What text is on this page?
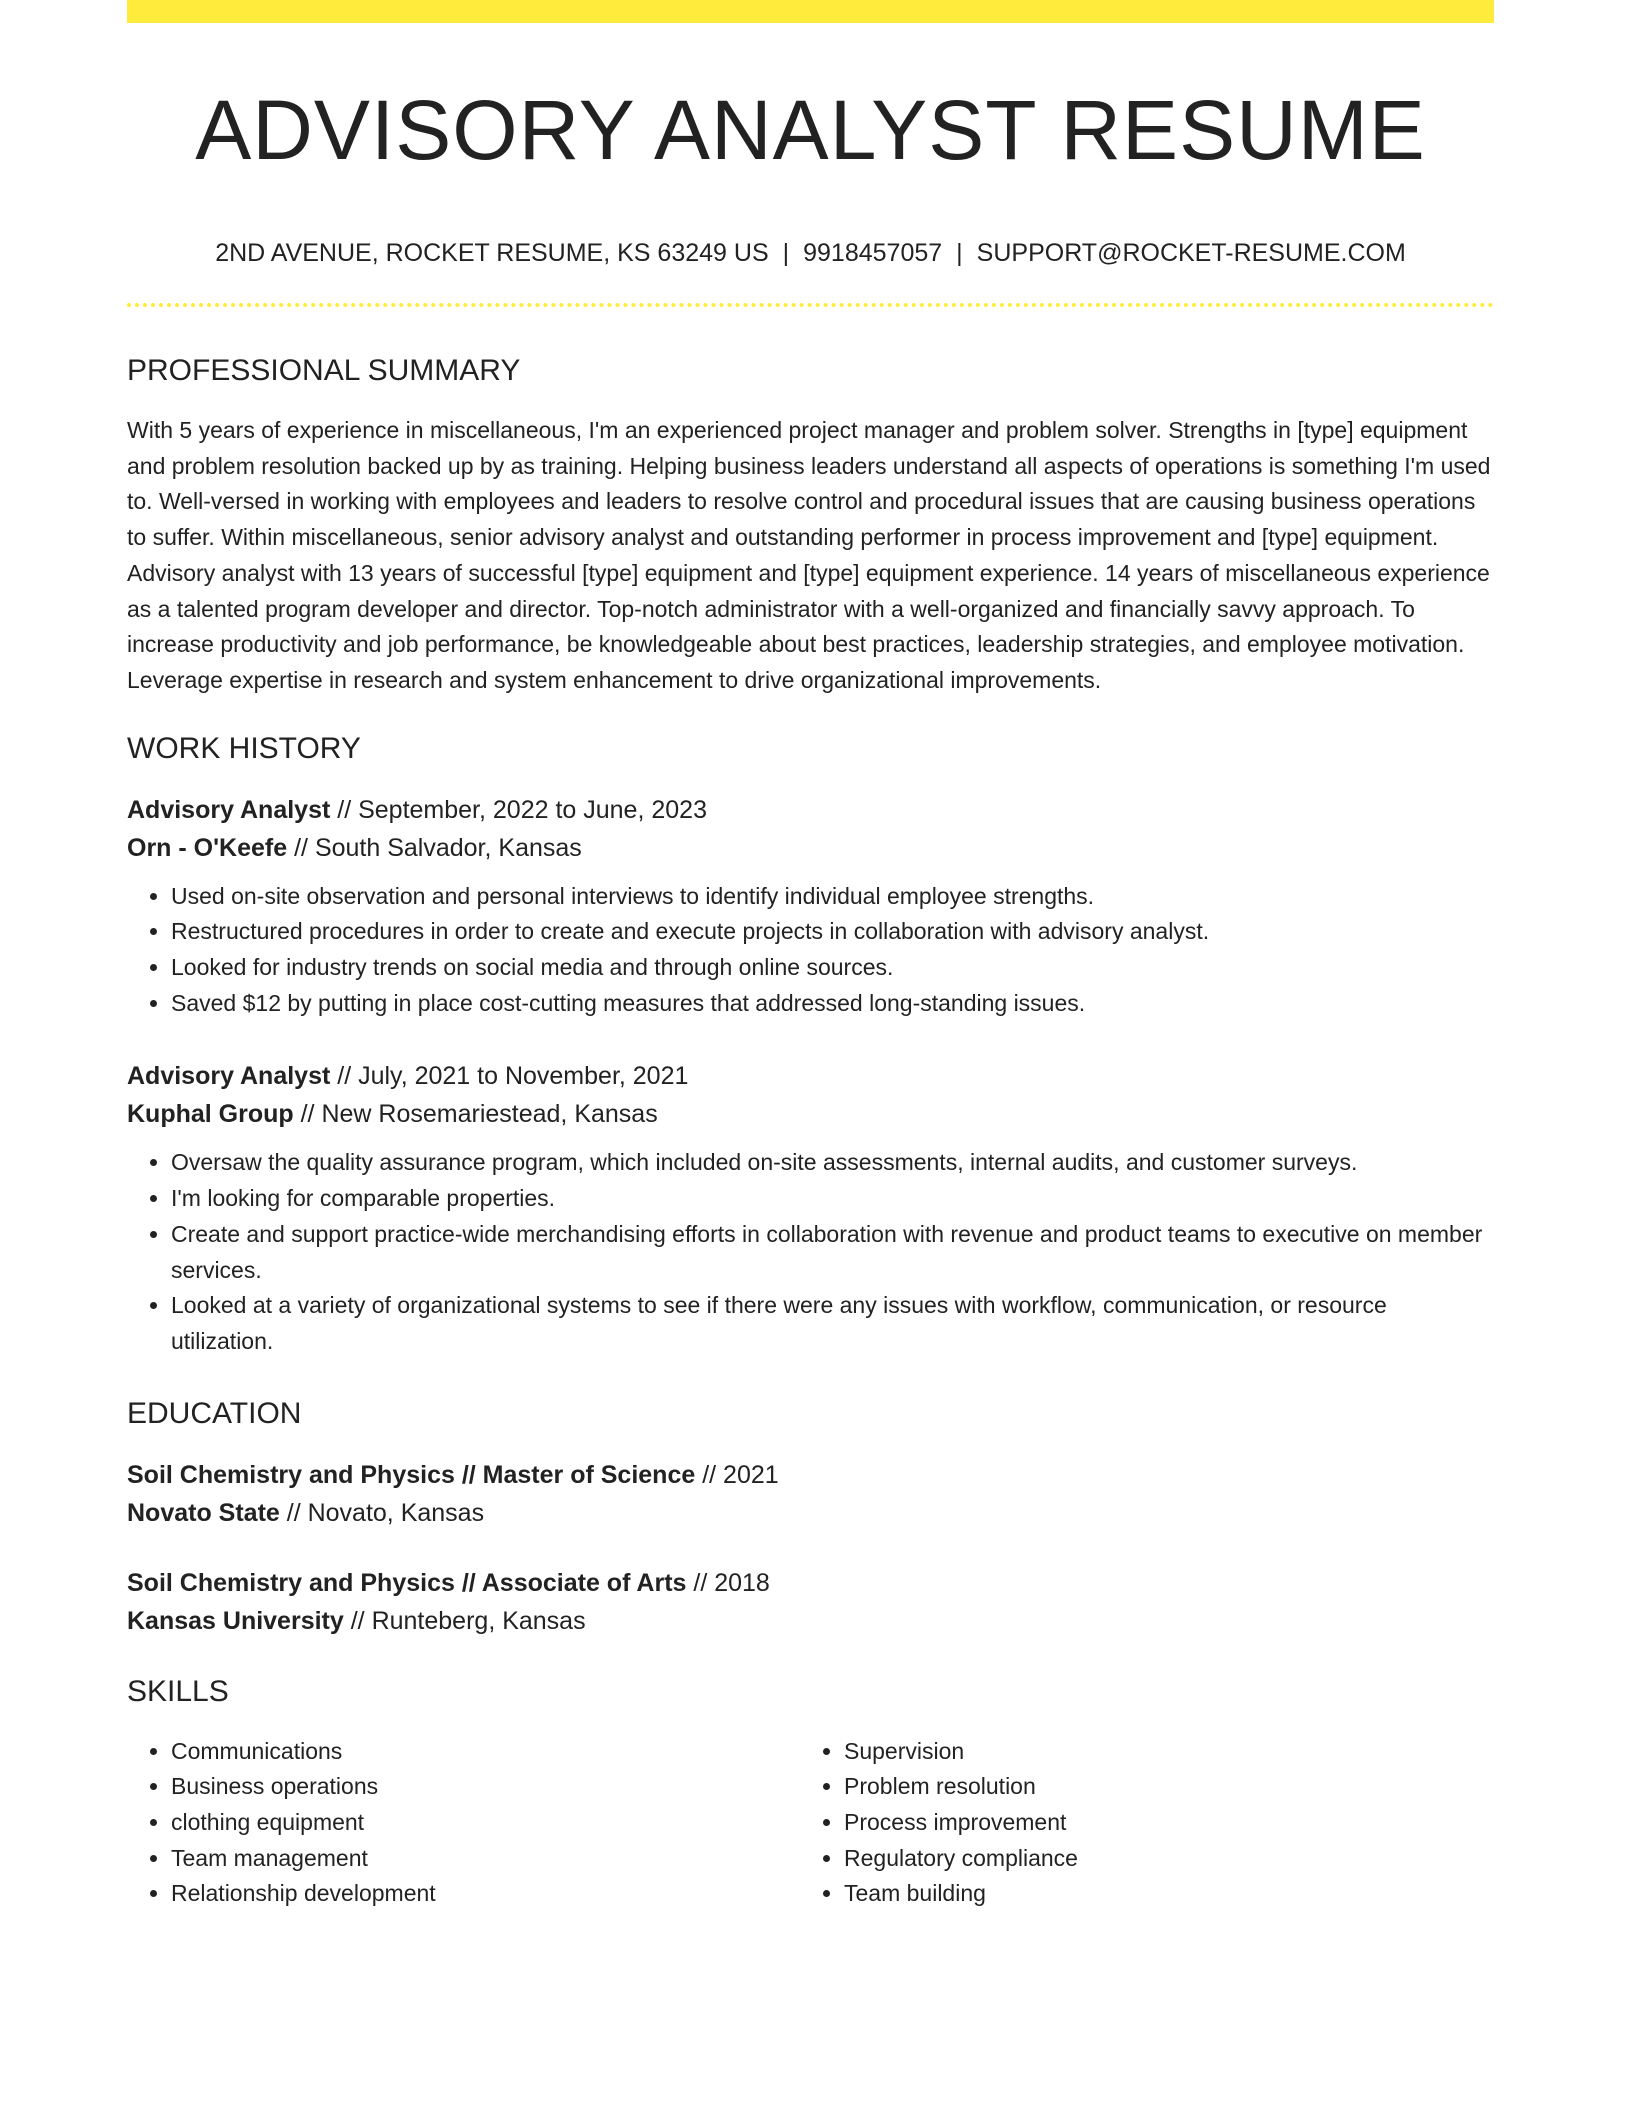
ADVISORY ANALYST RESUME
2ND AVENUE, ROCKET RESUME, KS 63249 US | 9918457057 | SUPPORT@ROCKET-RESUME.COM
PROFESSIONAL SUMMARY

With 5 years of experience in miscellaneous, I'm an experienced project manager and problem solver. Strengths in [type] equipment and problem resolution backed up by as training. Helping business leaders understand all aspects of operations is something I'm used to. Well-versed in working with employees and leaders to resolve control and procedural issues that are causing business operations to suffer. Within miscellaneous, senior advisory analyst and outstanding performer in process improvement and [type] equipment. Advisory analyst with 13 years of successful [type] equipment and [type] equipment experience. 14 years of miscellaneous experience as a talented program developer and director. Top-notch administrator with a well-organized and financially savvy approach. To increase productivity and job performance, be knowledgeable about best practices, leadership strategies, and employee motivation. Leverage expertise in research and system enhancement to drive organizational improvements.

WORK HISTORY
Advisory Analyst // September, 2022 to June, 2023
Orn - O'Keefe // South Salvador, Kansas
• Used on-site observation and personal interviews to identify individual employee strengths.
• Restructured procedures in order to create and execute projects in collaboration with advisory analyst.
• Looked for industry trends on social media and through online sources.
• Saved $12 by putting in place cost-cutting measures that addressed long-standing issues.
Advisory Analyst // July, 2021 to November, 2021
Kuphal Group // New Rosemariestead, Kansas
• Oversaw the quality assurance program, which included on-site assessments, internal audits, and customer surveys.
• I'm looking for comparable properties.
• Create and support practice-wide merchandising efforts in collaboration with revenue and product teams to executive on member services.
• Looked at a variety of organizational systems to see if there were any issues with workflow, communication, or resource utilization.
EDUCATION
Soil Chemistry and Physics // Master of Science // 2021
Novato State // Novato, Kansas
Soil Chemistry and Physics // Associate of Arts // 2018
Kansas University // Runteberg, Kansas
SKILLS
• Communications
• Business operations
• clothing equipment
• Team management
• Relationship development
• Supervision
• Problem resolution
• Process improvement
• Regulatory compliance
• Team building
